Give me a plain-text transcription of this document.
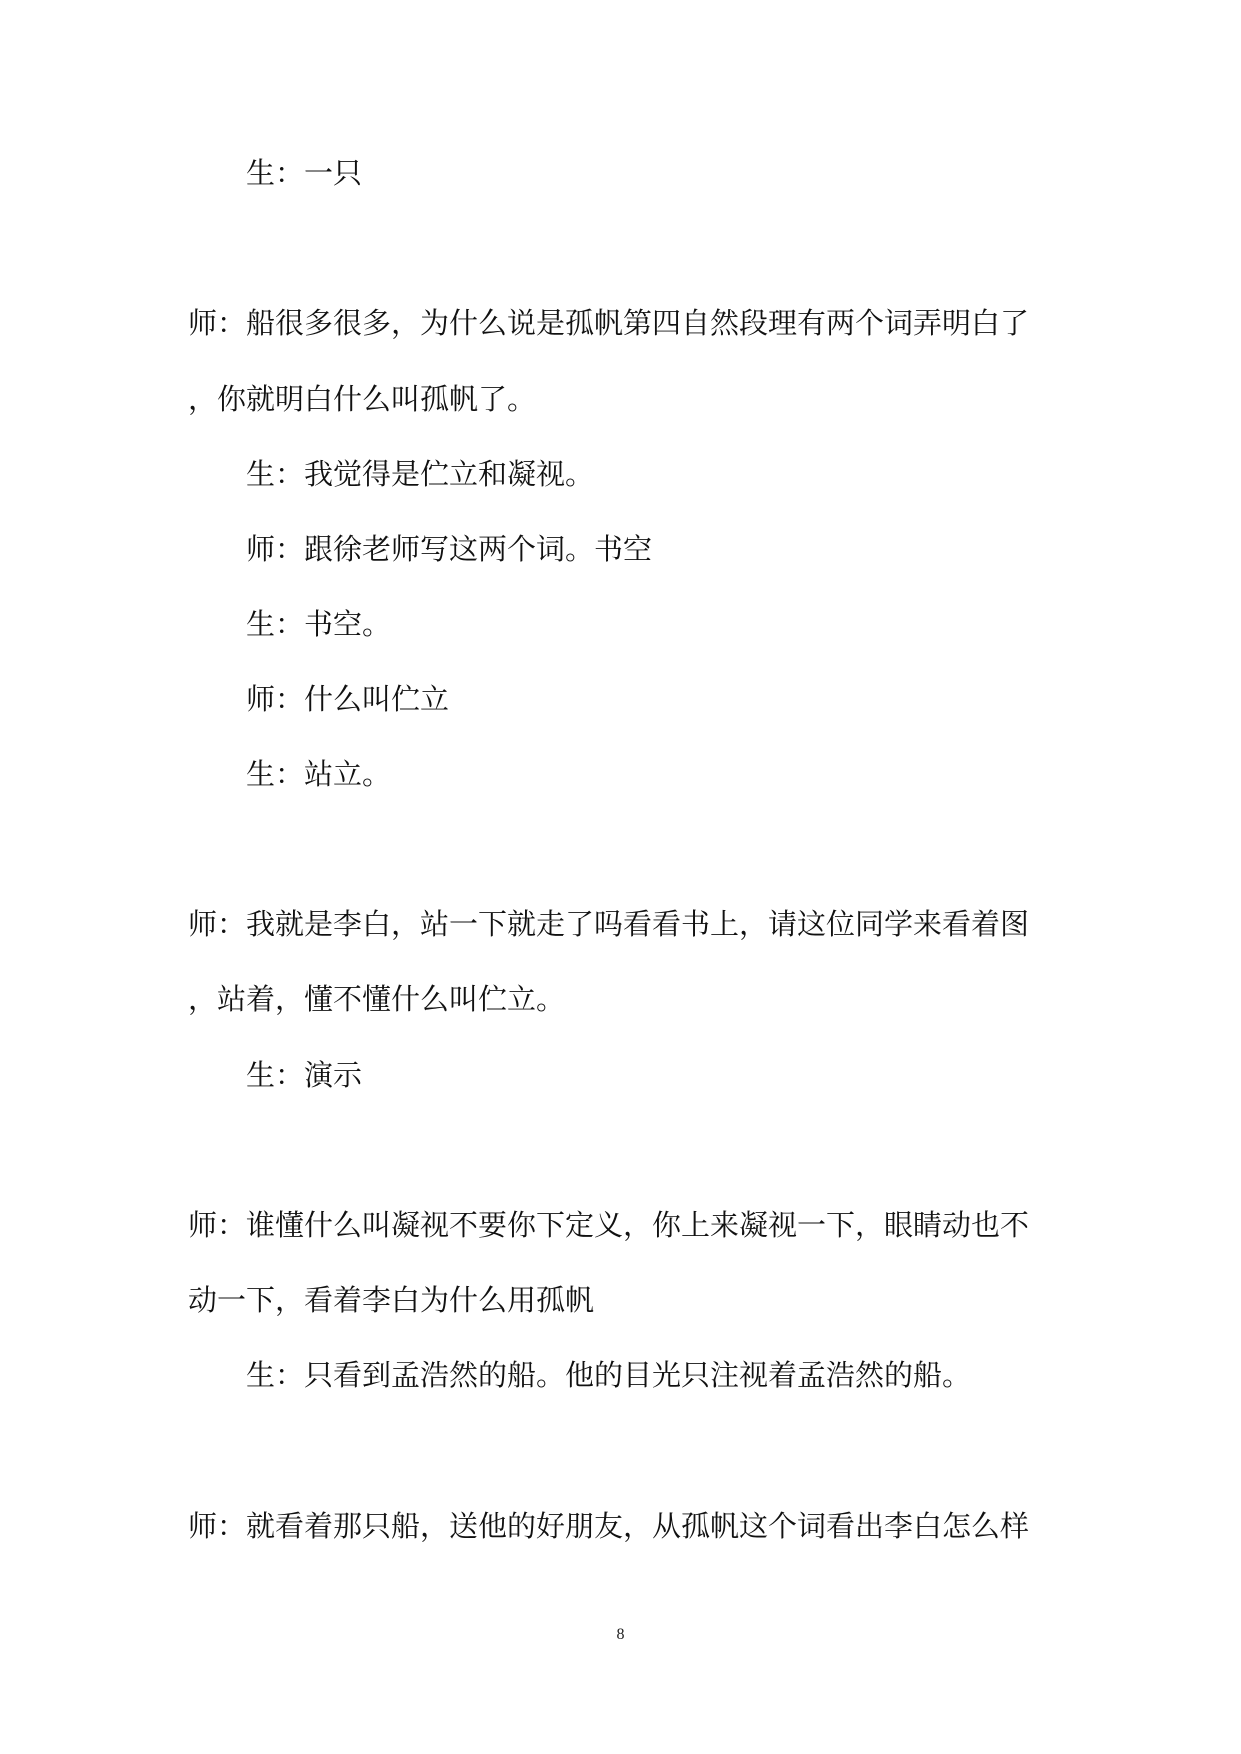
生：一只
师：船很多很多，为什么说是孤帆第四自然段理有两个词弄明白了
，你就明白什么叫孤帆了。
生：我觉得是伫立和凝视。
师：跟徐老师写这两个词。书空
生：书空。
师：什么叫伫立
生：站立。
师：我就是李白，站一下就走了吗看看书上，请这位同学来看着图
，站着，懂不懂什么叫伫立。
生：演示
师：谁懂什么叫凝视不要你下定义，你上来凝视一下，眼睛动也不
动一下，看着李白为什么用孤帆
生：只看到孟浩然的船。他的目光只注视着孟浩然的船。
师：就看着那只船，送他的好朋友，从孤帆这个词看出李白怎么样
8
